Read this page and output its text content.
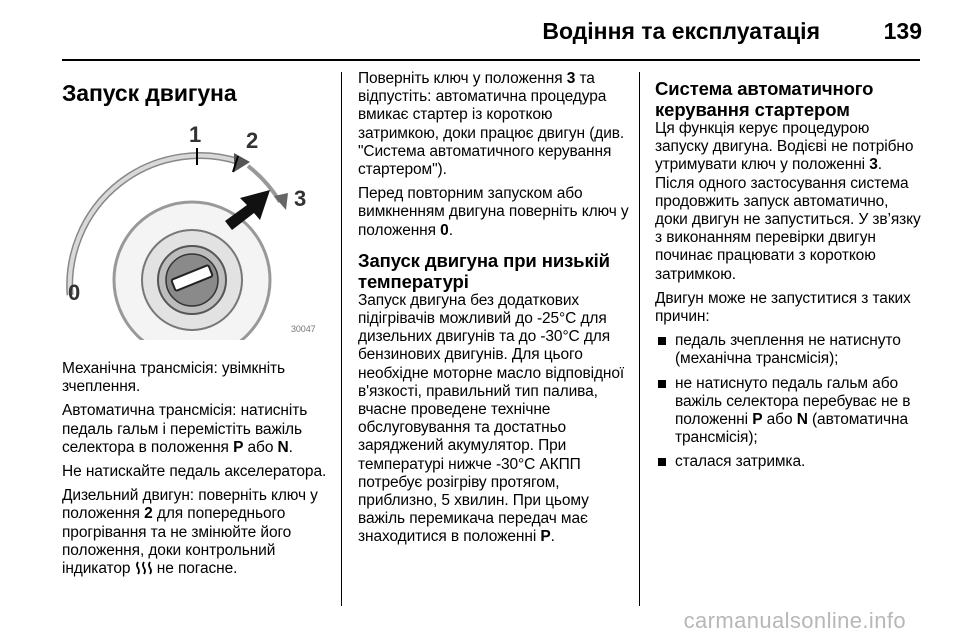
Водіння та експлуатація	139
Запуск двигуна
0
1 2
3
30047

Механічна трансмісія: увімкніть зчеплення.

Автоматична трансмісія: натисніть педаль гальм і перемістіть важіль селектора в положення P або N.

Не натискайте педаль акселератора.

Дизельний двигун: поверніть ключ у положення 2 для попереднього прогрівання та не змінюйте його положення, доки контрольний індикатор  не погасне.

Поверніть ключ у положення 3 та відпустіть: автоматична процедура вмикає стартер із короткою затримкою, доки працює двигун (див. "Система автоматичного керування стартером").

Перед повторним запуском або вимкненням двигуна поверніть ключ у положення 0.

Запуск двигуна при низькій температурі

Запуск двигуна без додаткових підігрівачів можливий до -25°C для дизельних двигунів та до -30°C для бензинових двигунів. Для цього необхідне моторне масло відповідної в'язкості, правильний тип палива, вчасне проведене технічне обслуговування та достатньо заряджений акумулятор. При температурі нижче -30°C АКПП потребує розігріву протягом, приблизно, 5 хвилин. При цьому важіль перемикача передач має знаходитися в положенні P.

Система автоматичного керування стартером

Ця функція керує процедурою запуску двигуна. Водієві не потрібно утримувати ключ у положенні 3. Після одного застосування система продовжить запуск автоматично, доки двигун не запуститься. У зв’язку з виконанням перевірки двигун починає працювати з короткою затримкою.

Двигун може не запуститися з таких причин:

педаль зчеплення не натиснуто (механічна трансмісія);
не натиснуто педаль гальм або важіль селектора перебуває не в положенні P або N (автоматична трансмісія);
сталася затримка.
carmanualsonline.info
